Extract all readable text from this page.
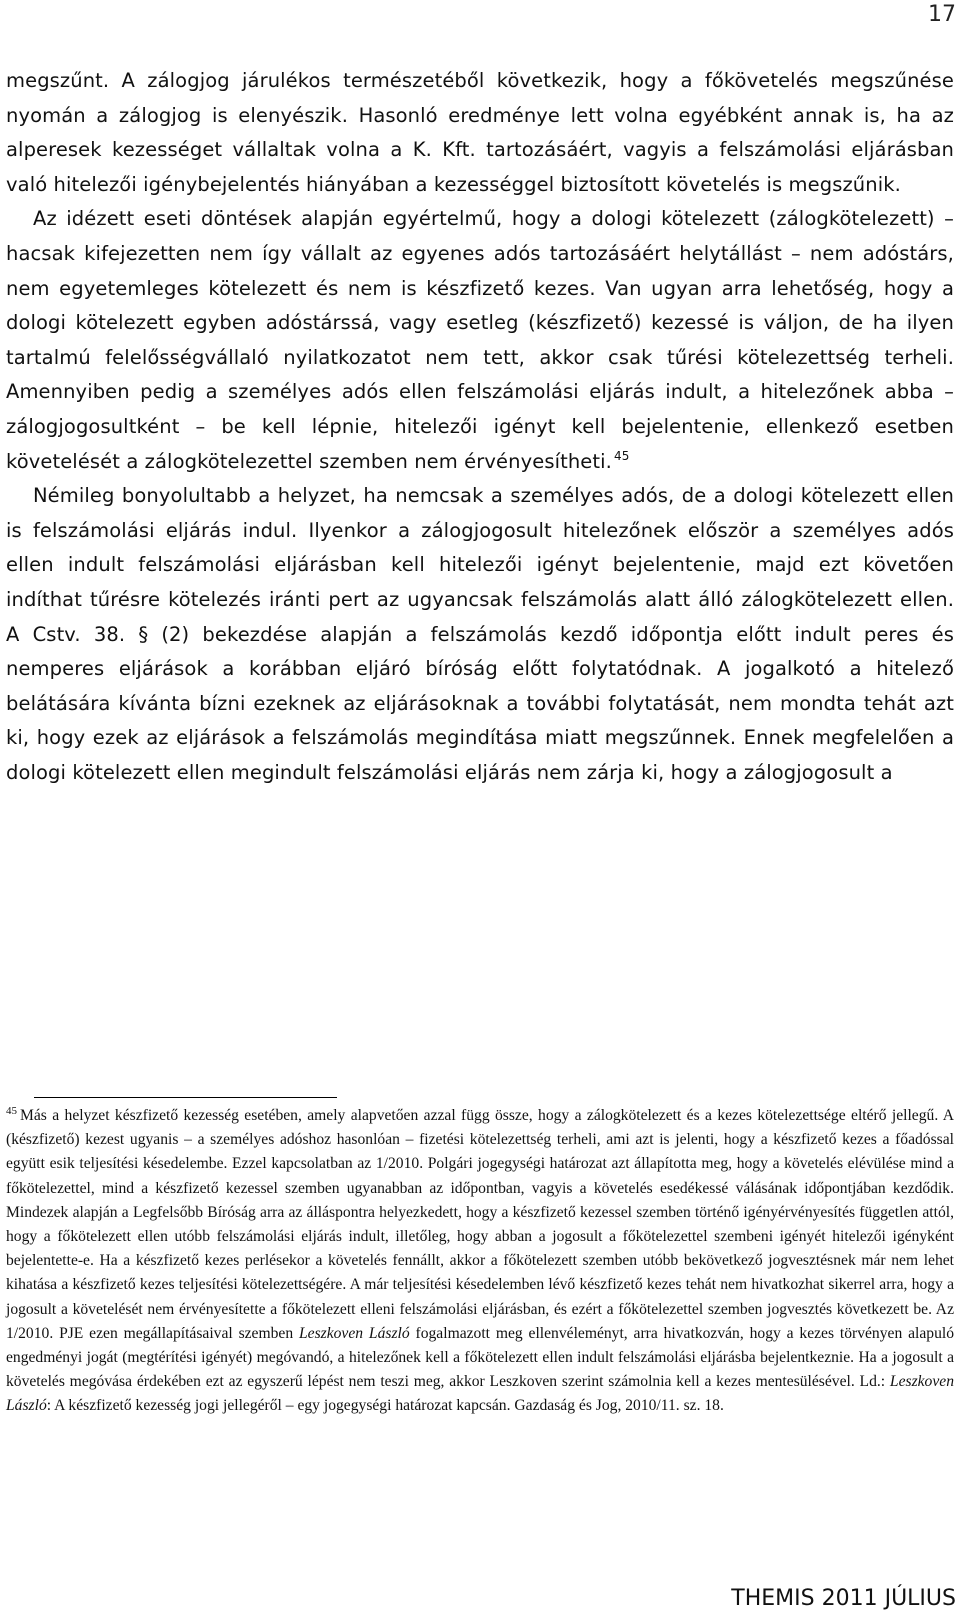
17

megszűnt. A zálogjog járulékos természetéből következik, hogy a főkövetelés megszűnése nyomán a zálogjog is elenyészik. Hasonló eredménye lett volna egyébként annak is, ha az alperesek kezességet vállaltak volna a K. Kft. tartozásáért, vagyis a felszámolási eljárásban való hitelezői igénybejelentés hiányában a kezességgel biztosított követelés is megszűnik.

Az idézett eseti döntések alapján egyértelmű, hogy a dologi kötelezett (zálogkötelezett) – hacsak kifejezetten nem így vállalt az egyenes adós tartozásáért helytállást – nem adóstárs, nem egyetemleges kötelezett és nem is készfizető kezes. Van ugyan arra lehetőség, hogy a dologi kötelezett egyben adóstárssá, vagy esetleg (készfizető) kezessé is váljon, de ha ilyen tartalmú felelősségvállaló nyilatkozatot nem tett, akkor csak tűrési kötelezettség terheli. Amennyiben pedig a személyes adós ellen felszámolási eljárás indult, a hitelezőnek abba – zálogjogosultként – be kell lépnie, hitelezői igényt kell bejelentenie, ellenkező esetben követelését a zálogkötelezettel szemben nem érvényesítheti. $^{45}$

Némileg bonyolultabb a helyzet, ha nemcsak a személyes adós, de a dologi kötelezett ellen is felszámolási eljárás indul. Ilyenkor a zálogjogosult hitelezőnek először a személyes adós ellen indult felszámolási eljárásban kell hitelezői igényt bejelentenie, majd ezt követően indíthat tűrésre kötelezés iránti pert az ugyancsak felszámolás alatt álló zálogkötelezett ellen. A Cstv. 38. § (2) bekezdése alapján a felszámolás kezdő időpontja előtt indult peres és nemperes eljárások a korábban eljáró bíróság előtt folytatódnak. A jogalkotó a hitelező belátására kívánta bízni ezeknek az eljárásoknak a további folytatását, nem mondta tehát azt ki, hogy ezek az eljárások a felszámolás megindítása miatt megszűnnek. Ennek megfelelően a dologi kötelezett ellen megindult felszámolási eljárás nem zárja ki, hogy a zálogjogosult a

$^{45}$ Más a helyzet készfizető kezesség esetében, amely alapvetően azzal függ össze, hogy a zálogkötelezett és a kezes kötelezettsége eltérő jellegű. A (készfizető) kezest ugyanis – a személyes adóshoz hasonlóan – fizetési kötelezettség terheli, ami azt is jelenti, hogy a készfizető kezes a főadóssal együtt esik teljesítési késedelembe. Ezzel kapcsolatban az 1/2010. Polgári jogegységi határozat azt állapította meg, hogy a követelés elévülése mind a főkötelezettel, mind a készfizető kezessel szemben ugyanabban az időpontban, vagyis a követelés esedékessé válásának időpontjában kezdődik. Mindezek alapján a Legfelsőbb Bíróság arra az álláspontra helyezkedett, hogy a készfizető kezessel szemben történő igényérvényesítés független attól, hogy a főkötelezett ellen utóbb felszámolási eljárás indult, illetőleg, hogy abban a jogosult a főkötelezettel szembeni igényét hitelezői igényként bejelentette-e. Ha a készfizető kezes perlésekor a követelés fennállt, akkor a főkötelezett szemben utóbb bekövetkező jogvesztésnek már nem lehet kihatása a készfizető kezes teljesítési kötelezettségére. A már teljesítési késedelemben lévő készfizető kezes tehát nem hivatkozhat sikerrel arra, hogy a jogosult a követelését nem érvényesítette a főkötelezett elleni felszámolási eljárásban, és ezért a főkötelezettel szemben jogvesztés következett be. Az 1/2010. PJE ezen megállapításaival szemben Leszkoven László fogalmazott meg ellenvéleményt, arra hivatkozván, hogy a kezes törvényen alapuló engedményi jogát (megtérítési igényét) megóvandó, a hitelezőnek kell a főkötelezett ellen indult felszámolási eljárásba bejelentkeznie. Ha a jogosult a követelés megóvása érdekében ezt az egyszerű lépést nem teszi meg, akkor Leszkoven szerint számolnia kell a kezes mentesülésével. Ld.: Leszkoven László: A készfizető kezesség jogi jellegéről – egy jogegységi határozat kapcsán. Gazdaság és Jog, 2010/11. sz. 18.

THEMIS 2011 JÚLIUS
